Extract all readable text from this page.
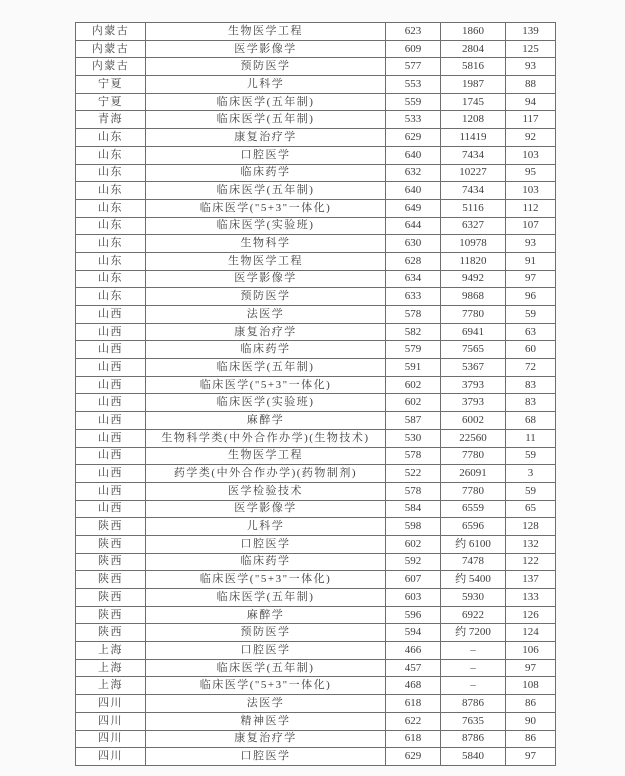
内蒙古	生物医学工程	623	1860	139
内蒙古	医学影像学	609	2804	125
内蒙古	预防医学	577	5816	93
宁夏	儿科学	553	1987	88
宁夏	临床医学(五年制)	559	1745	94
青海	临床医学(五年制)	533	1208	117
山东	康复治疗学	629	11419	92
山东	口腔医学	640	7434	103
山东	临床药学	632	10227	95
山东	临床医学(五年制)	640	7434	103
山东	临床医学("5+3"一体化)	649	5116	112
山东	临床医学(实验班)	644	6327	107
山东	生物科学	630	10978	93
山东	生物医学工程	628	11820	91
山东	医学影像学	634	9492	97
山东	预防医学	633	9868	96
山西	法医学	578	7780	59
山西	康复治疗学	582	6941	63
山西	临床药学	579	7565	60
山西	临床医学(五年制)	591	5367	72
山西	临床医学("5+3"一体化)	602	3793	83
山西	临床医学(实验班)	602	3793	83
山西	麻醉学	587	6002	68
山西	生物科学类(中外合作办学)(生物技术)	530	22560	11
山西	生物医学工程	578	7780	59
山西	药学类(中外合作办学)(药物制剂)	522	26091	3
山西	医学检验技术	578	7780	59
山西	医学影像学	584	6559	65
陕西	儿科学	598	6596	128
陕西	口腔医学	602	约 6100	132
陕西	临床药学	592	7478	122
陕西	临床医学("5+3"一体化)	607	约 5400	137
陕西	临床医学(五年制)	603	5930	133
陕西	麻醉学	596	6922	126
陕西	预防医学	594	约 7200	124
上海	口腔医学	466	–	106
上海	临床医学(五年制)	457	–	97
上海	临床医学("5+3"一体化)	468	–	108
四川	法医学	618	8786	86
四川	精神医学	622	7635	90
四川	康复治疗学	618	8786	86
四川	口腔医学	629	5840	97
